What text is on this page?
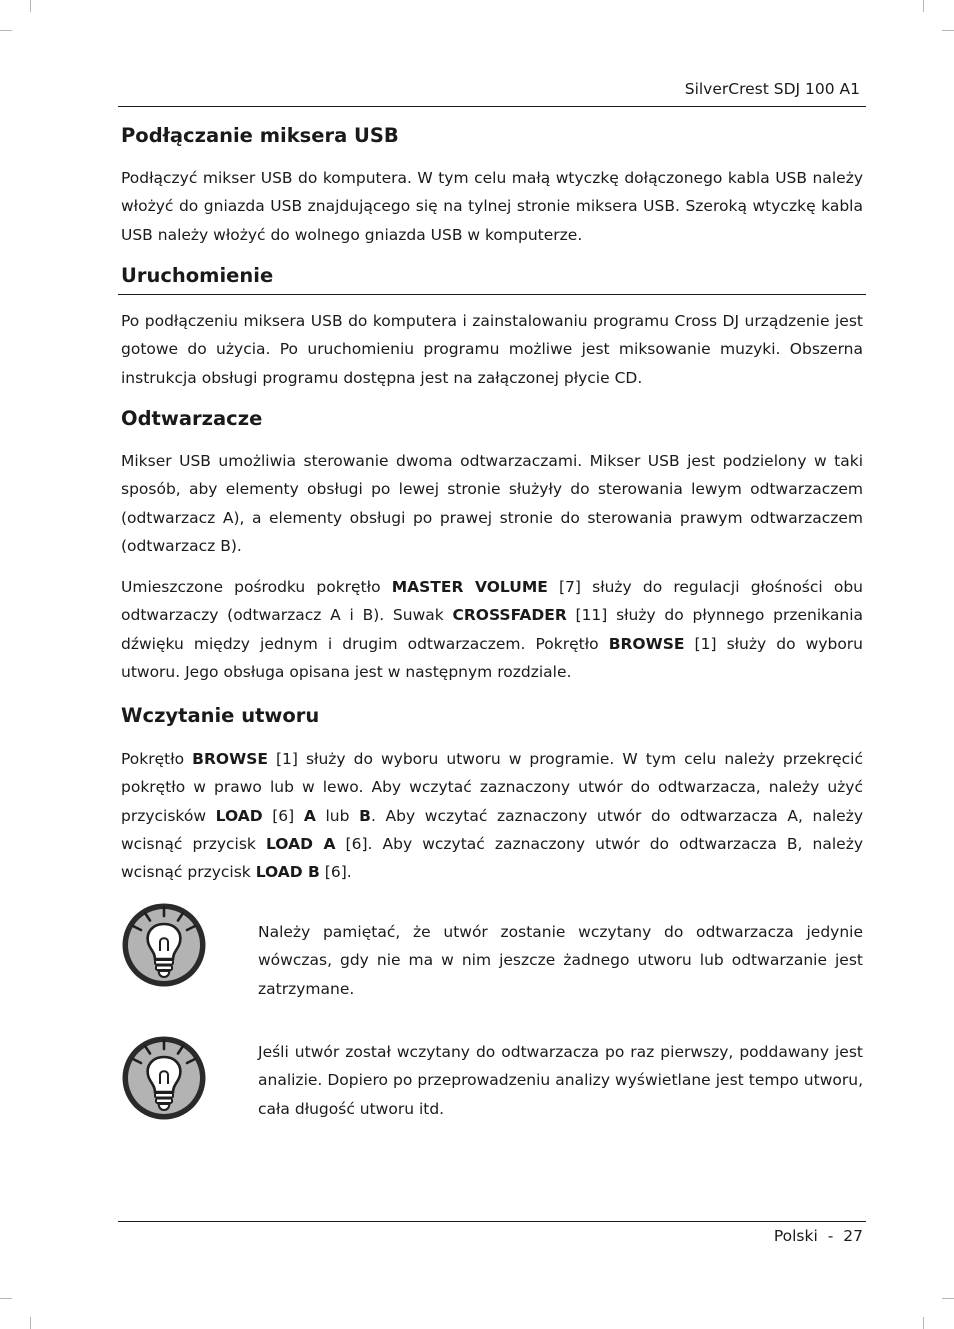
SilverCrest SDJ 100 A1
Podłączanie miksera USB

Podłączyć mikser USB do komputera. W tym celu małą wtyczkę dołączonego kabla USB należy włożyć do gniazda USB znajdującego się na tylnej stronie miksera USB. Szeroką wtyczkę kabla USB należy włożyć do wolnego gniazda USB w komputerze.

Uruchomienie

Po podłączeniu miksera USB do komputera i zainstalowaniu programu Cross DJ urządzenie jest gotowe do użycia. Po uruchomieniu programu możliwe jest miksowanie muzyki. Obszerna instrukcja obsługi programu dostępna jest na załączonej płycie CD.

Odtwarzacze

Mikser USB umożliwia sterowanie dwoma odtwarzaczami. Mikser USB jest podzielony w taki sposób, aby elementy obsługi po lewej stronie służyły do sterowania lewym odtwarzaczem (odtwarzacz A), a elementy obsługi po prawej stronie do sterowania prawym odtwarzaczem (odtwarzacz B).

Umieszczone pośrodku pokrętło MASTER VOLUME [7] służy do regulacji głośności obu odtwarzaczy (odtwarzacz A i B). Suwak CROSSFADER [11] służy do płynnego przenikania dźwięku między jednym i drugim odtwarzaczem. Pokrętło BROWSE [1] służy do wyboru utworu. Jego obsługa opisana jest w następnym rozdziale.

Wczytanie utworu

Pokrętło BROWSE [1] służy do wyboru utworu w programie. W tym celu należy przekręcić pokrętło w prawo lub w lewo. Aby wczytać zaznaczony utwór do odtwarzacza, należy użyć przycisków LOAD [6] A lub B. Aby wczytać zaznaczony utwór do odtwarzacza A, należy wcisnąć przycisk LOAD A [6]. Aby wczytać zaznaczony utwór do odtwarzacza B, należy wcisnąć przycisk LOAD B [6].

Należy pamiętać, że utwór zostanie wczytany do odtwarzacza jedynie wówczas, gdy nie ma w nim jeszcze żadnego utworu lub odtwarzanie jest zatrzymane.

Jeśli utwór został wczytany do odtwarzacza po raz pierwszy, poddawany jest analizie. Dopiero po przeprowadzeniu analizy wyświetlane jest tempo utworu, cała długość utworu itd.

Polski - 27
